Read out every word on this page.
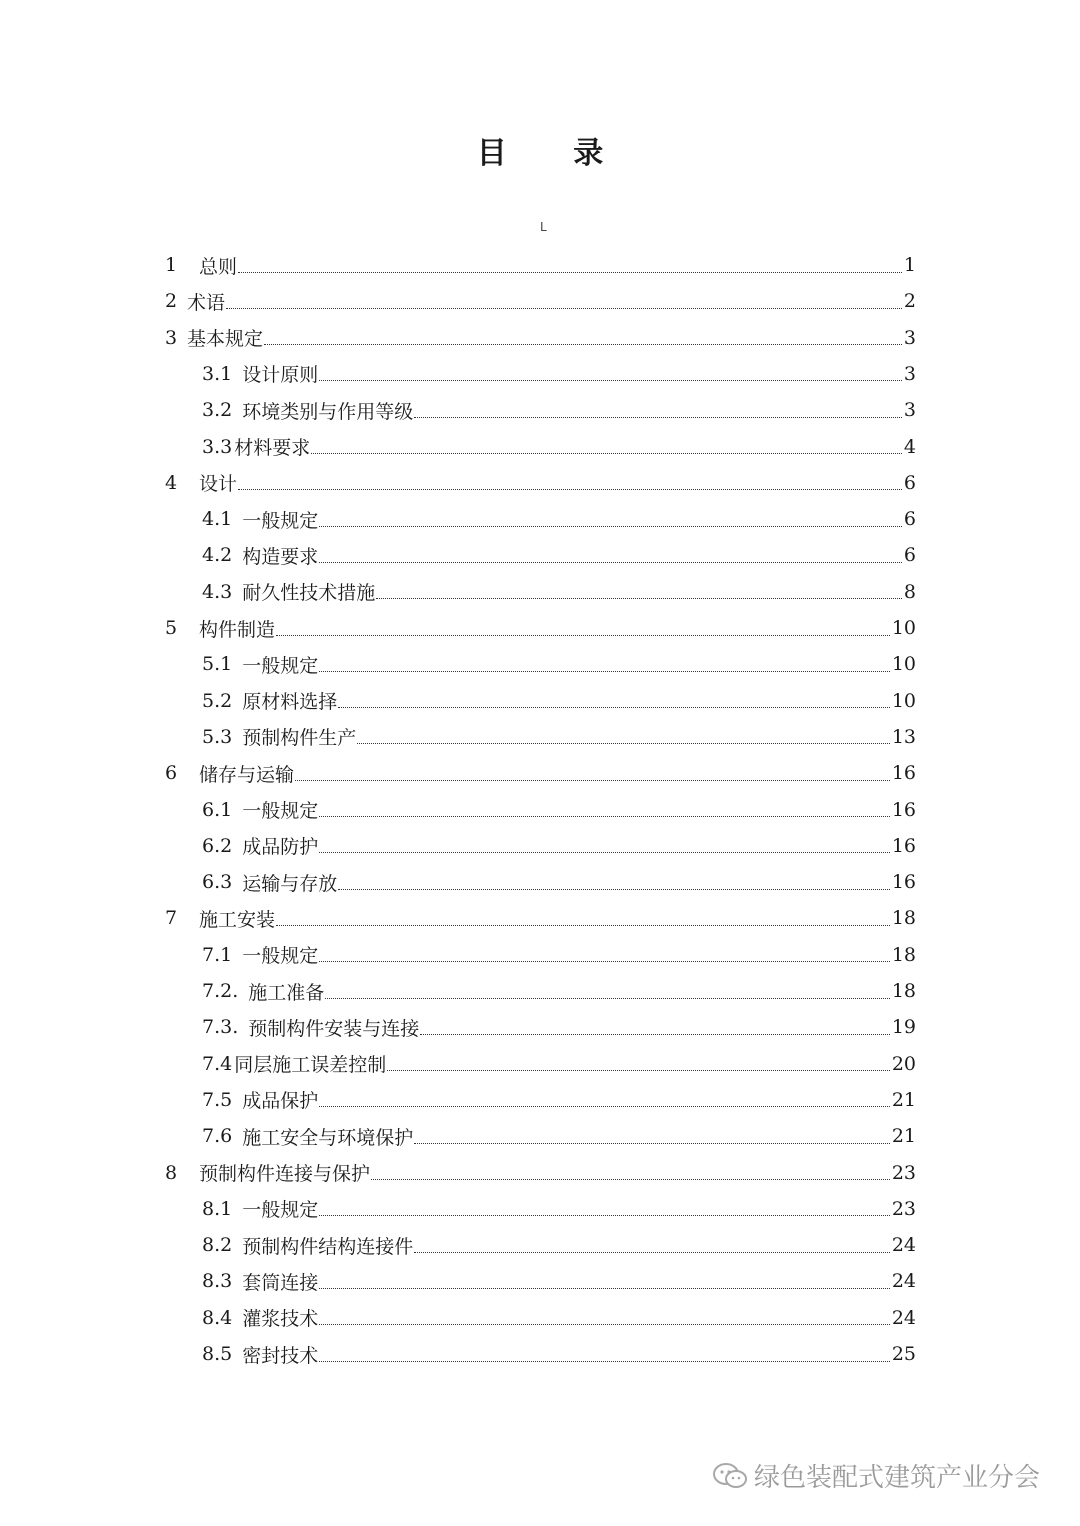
目 录
L
1	总则	1
2 术语	2
3 基本规定	3
3.1 设计原则	3
3.2 环境类别与作用等级	3
3.3 材料要求	4
4	设计	6
4.1 一般规定	6
4.2 构造要求	6
4.3 耐久性技术措施	8
5	构件制造	10
5.1 一般规定	10
5.2 原材料选择	10
5.3 预制构件生产	13
6	储存与运输	16
6.1 一般规定	16
6.2 成品防护	16
6.3 运输与存放	16
7	施工安装	18
7.1 一般规定	18
7.2. 施工准备	18
7.3. 预制构件安装与连接	19
7.4 同层施工误差控制	20
7.5 成品保护	21
7.6 施工安全与环境保护	21
8	预制构件连接与保护	23
8.1 一般规定	23
8.2 预制构件结构连接件	24
8.3 套筒连接	24
8.4 灌浆技术	24
8.5 密封技术	25
绿色装配式建筑产业分会
